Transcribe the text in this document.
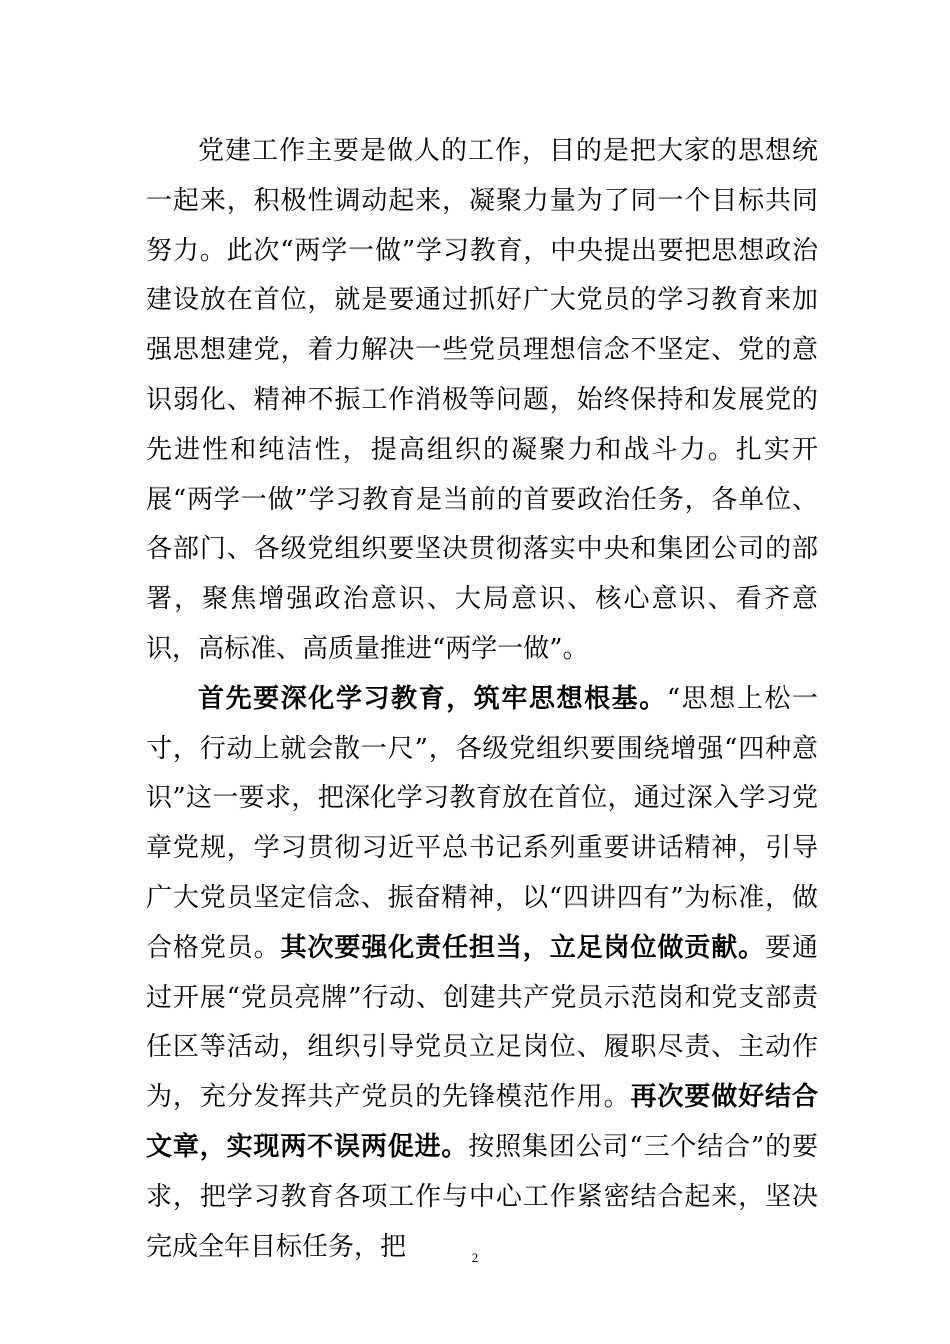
党建工作主要是做人的工作，目的是把大家的思想统一起来，积极性调动起来，凝聚力量为了同一个目标共同努力。此次“两学一做”学习教育，中央提出要把思想政治建设放在首位，就是要通过抓好广大党员的学习教育来加强思想建党，着力解决一些党员理想信念不坚定、党的意识弱化、精神不振工作消极等问题，始终保持和发展党的先进性和纯洁性，提高组织的凝聚力和战斗力。扎实开展“两学一做”学习教育是当前的首要政治任务，各单位、各部门、各级党组织要坚决贯彻落实中央和集团公司的部署，聚焦增强政治意识、大局意识、核心意识、看齐意识，高标准、高质量推进“两学一做”。

首先要深化学习教育，筑牢思想根基。“思想上松一寸，行动上就会散一尺”，各级党组织要围绕增强“四种意识”这一要求，把深化学习教育放在首位，通过深入学习党章党规，学习贯彻习近平总书记系列重要讲话精神，引导广大党员坚定信念、振奋精神，以“四讲四有”为标准，做合格党员。其次要强化责任担当，立足岗位做贡献。要通过开展“党员亮牌”行动、创建共产党员示范岗和党支部责任区等活动，组织引导党员立足岗位、履职尽责、主动作为，充分发挥共产党员的先锋模范作用。再次要做好结合文章，实现两不误两促进。按照集团公司“三个结合”的要求，把学习教育各项工作与中心工作紧密结合起来，坚决完成全年目标任务，把	2
